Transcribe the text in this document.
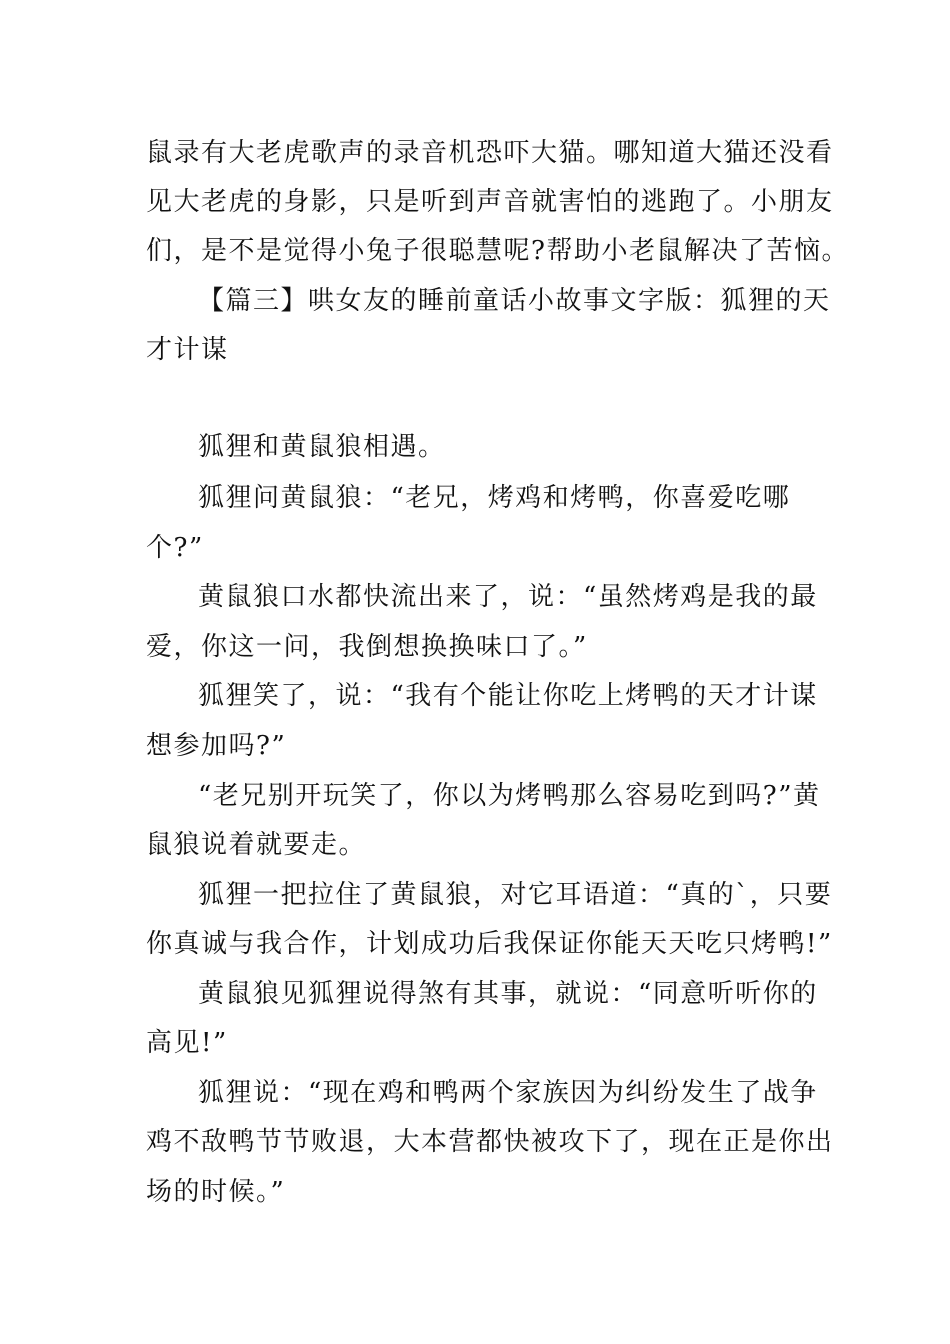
鼠录有大老虎歌声的录音机恐吓大猫。哪知道大猫还没看
见大老虎的身影，只是听到声音就害怕的逃跑了。小朋友
们，是不是觉得小兔子很聪慧呢?帮助小老鼠解决了苦恼。
【篇三】哄女友的睡前童话小故事文字版：狐狸的天
才计谋
狐狸和黄鼠狼相遇。
狐狸问黄鼠狼：“老兄，烤鸡和烤鸭，你喜爱吃哪
个?”
黄鼠狼口水都快流出来了，说：“虽然烤鸡是我的最
爱，你这一问，我倒想换换味口了。”
狐狸笑了，说：“我有个能让你吃上烤鸭的天才计谋
想参加吗?”
“老兄别开玩笑了，你以为烤鸭那么容易吃到吗?”黄
鼠狼说着就要走。
狐狸一把拉住了黄鼠狼，对它耳语道：“真的`，只要
你真诚与我合作，计划成功后我保证你能天天吃只烤鸭!”
黄鼠狼见狐狸说得煞有其事，就说：“同意听听你的
高见!”
狐狸说：“现在鸡和鸭两个家族因为纠纷发生了战争
鸡不敌鸭节节败退，大本营都快被攻下了，现在正是你出
场的时候。”
